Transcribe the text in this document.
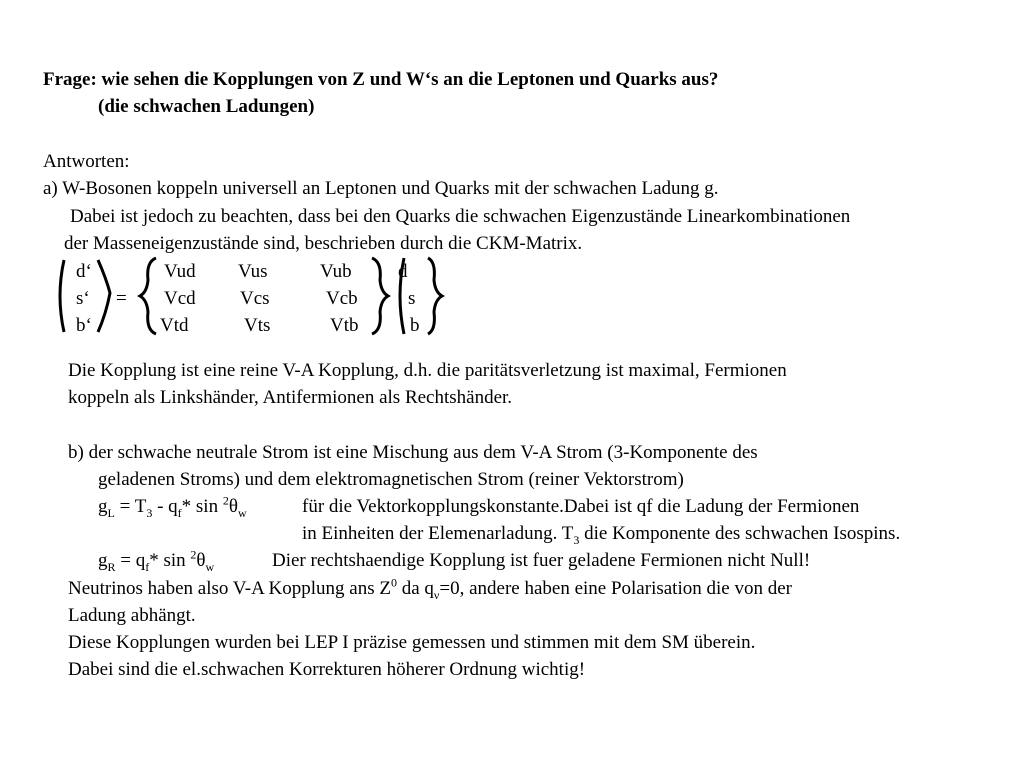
Frage: wie sehen die Kopplungen von Z und W‘s an die Leptonen und Quarks aus?
(die schwachen Ladungen)
Antworten:
a) W-Bosonen koppeln universell an Leptonen und Quarks mit der schwachen Ladung g.
Dabei ist jedoch zu beachten, dass bei den Quarks die schwachen Eigenzustände Linearkombinationen
der Masseneigenzustände sind, beschrieben durch die CKM-Matrix.
d‘
s‘
b‘
=
Vud Vus	Vub
Vcd Vcs	Vcb
Vtd	Vts	Vtb
d
s
b
Die Kopplung ist eine reine V-A Kopplung, d.h. die paritätsverletzung ist maximal, Fermionen
koppeln als Linkshänder, Antifermionen als Rechtshänder.
b) der schwache neutrale Strom ist eine Mischung aus dem V-A Strom (3-Komponente des
geladenen Stroms) und dem elektromagnetischen Strom (reiner Vektorstrom)
$g_L = T_3 - q_f*$ $\sin ^2\theta_w$	für die Vektorkopplungskonstante.Dabei ist qf die Ladung der Fermionen
in Einheiten der Elemenarladung. $T_3$ die Komponente des schwachen Isospins.
$g_R = q_f*$ $\sin ^2\theta_w$	Dier rechtshaendige Kopplung ist fuer geladene Fermionen nicht Null!
Neutrinos haben also V-A Kopplung ans $Z^0$ da $q_\nu=0$, andere haben eine Polarisation die von der
Ladung abhängt.
Diese Kopplungen wurden bei LEP I präzise gemessen und stimmen mit dem SM überein.
Dabei sind die el.schwachen Korrekturen höherer Ordnung wichtig!
